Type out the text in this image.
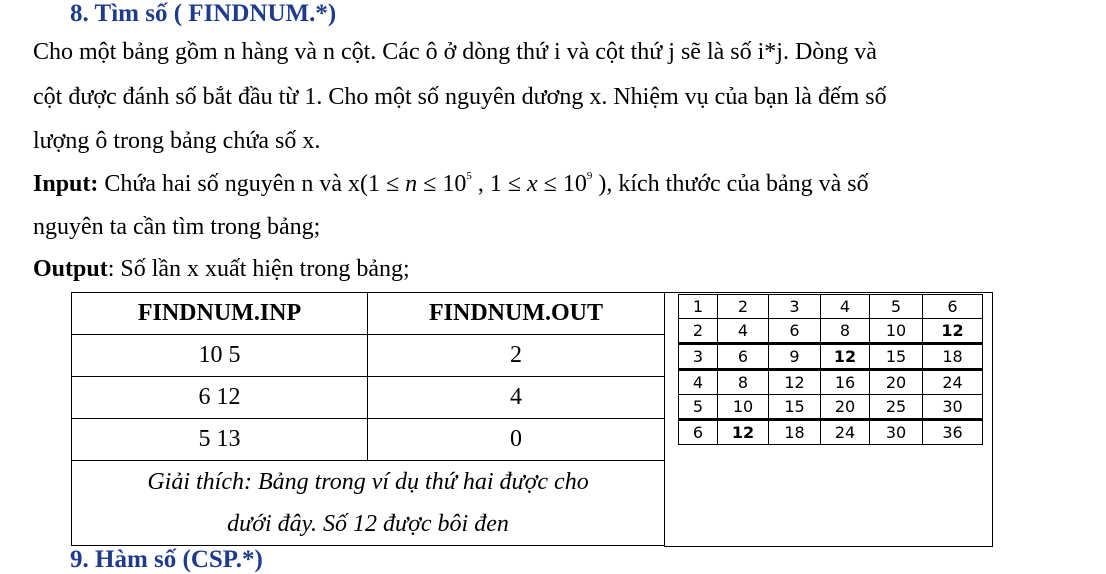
8. Tìm số ( FINDNUM.*)
Cho một bảng gồm n hàng và n cột. Các ô ở dòng thứ i và cột thứ j sẽ là số i*j. Dòng và
cột được đánh số bắt đầu từ 1. Cho một số nguyên dương x. Nhiệm vụ của bạn là đếm số
lượng ô trong bảng chứa số x.
Input: Chứa hai số nguyên n và $x(1 \le n \le 10^5$ , $1 \le x \le 10^9$ ), kích thước của bảng và số
nguyên ta cần tìm trong bảng;
Output: Số lần x xuất hiện trong bảng;
FINDNUM.INP	FINDNUM.OUT
10 5	2
6 12	4
5 13	0
Giải thích: Bảng trong ví dụ thứ hai được cho
dưới đây. Số 12 được bôi đen	
1	2	3	4	5	6
2	4	6	8	10	12
3	6	9	12	15	18
4	8	12	16	20	24
5	10	15	20	25	30
6	12	18	24	30	36
9. Hàm số (CSP.*)
